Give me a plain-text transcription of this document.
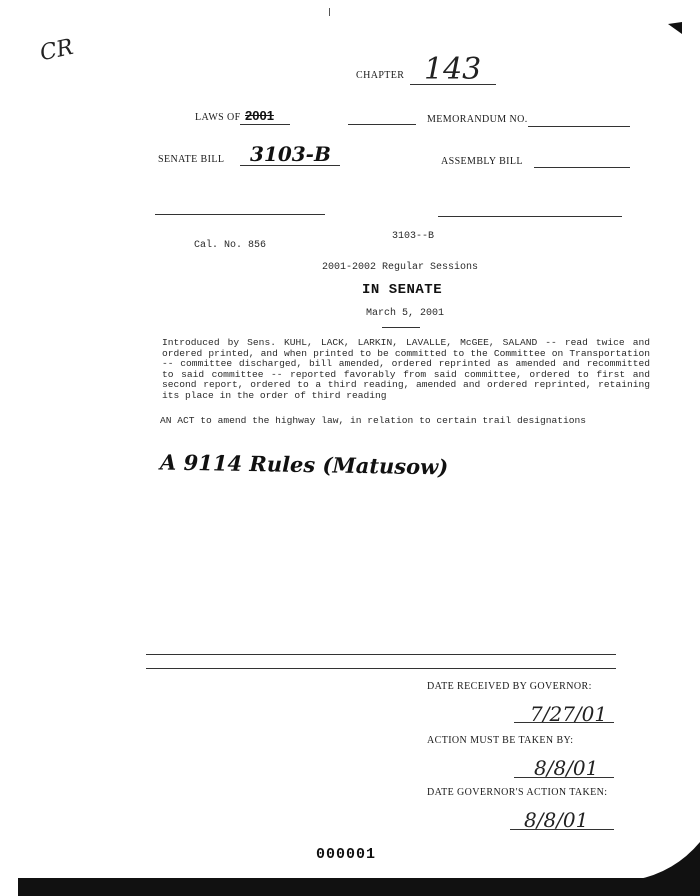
CR
CHAPTER 143
LAWS OF 2001	MEMORANDUM NO.
SENATE BILL 3103-B	ASSEMBLY BILL
3103--B
Cal. No. 856
2001-2002 Regular Sessions
IN SENATE
March 5, 2001
Introduced by Sens. KUHL, LACK, LARKIN, LAVALLE, McGEE, SALAND -- read twice and ordered printed, and when printed to be committed to the Committee on Transportation -- committee discharged, bill amended, ordered reprinted as amended and recommitted to said committee -- reported favorably from said committee, ordered to first and second report, ordered to a third reading, amended and ordered reprinted, retaining its place in the order of third reading
AN ACT to amend the highway law, in relation to certain trail designations
A 9114 Rules (Matusow)
DATE RECEIVED BY GOVERNOR:
7/27/01
ACTION MUST BE TAKEN BY:
8/8/01
DATE GOVERNOR'S ACTION TAKEN:
8/8/01
000001
